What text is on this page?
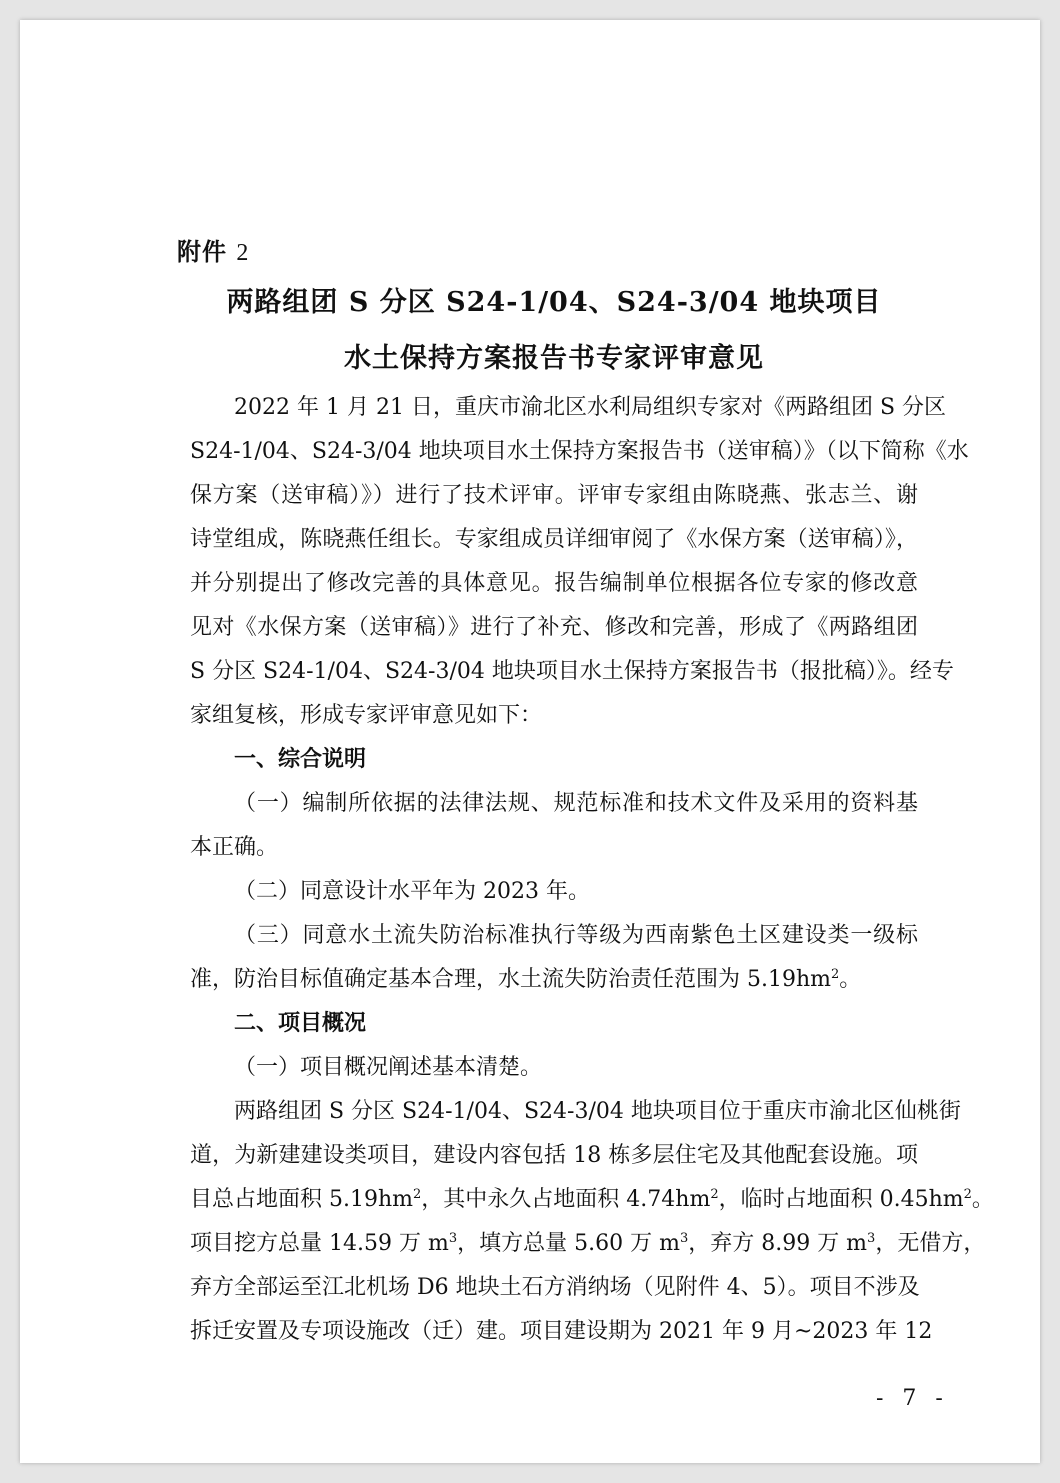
附件 2
两路组团 S 分区 S24-1/04、S24-3/04 地块项目
水土保持方案报告书专家评审意见
2022 年 1 月 21 日，重庆市渝北区水利局组织专家对《两路组团 S 分区
S24-1/04、S24-3/04 地块项目水土保持方案报告书（送审稿）》（以下简称《水
保方案（送审稿）》）进行了技术评审。评审专家组由陈晓燕、张志兰、谢
诗堂组成，陈晓燕任组长。专家组成员详细审阅了《水保方案（送审稿）》，
并分别提出了修改完善的具体意见。报告编制单位根据各位专家的修改意
见对《水保方案（送审稿）》进行了补充、修改和完善，形成了《两路组团
S 分区 S24-1/04、S24-3/04 地块项目水土保持方案报告书（报批稿）》。经专
家组复核，形成专家评审意见如下：
一、综合说明
（一）编制所依据的法律法规、规范标准和技术文件及采用的资料基
本正确。
（二）同意设计水平年为 2023 年。
（三）同意水土流失防治标准执行等级为西南紫色土区建设类一级标
准，防治目标值确定基本合理，水土流失防治责任范围为 $5.19hm^2$。
二、项目概况
（一）项目概况阐述基本清楚。
两路组团 S 分区 S24-1/04、S24-3/04 地块项目位于重庆市渝北区仙桃街
道，为新建建设类项目，建设内容包括 18 栋多层住宅及其他配套设施。项
目总占地面积 $5.19hm^2$，其中永久占地面积 $4.74hm^2$，临时占地面积 $0.45hm^2$。
项目挖方总量 14.59 万 $m^3$，填方总量 5.60 万 $m^3$，弃方 8.99 万 $m^3$，无借方，
弃方全部运至江北机场 D6 地块土石方消纳场（见附件 4、5）。项目不涉及
拆迁安置及专项设施改（迁）建。项目建设期为 2021 年 9 月~2023 年 12
- 7 -
